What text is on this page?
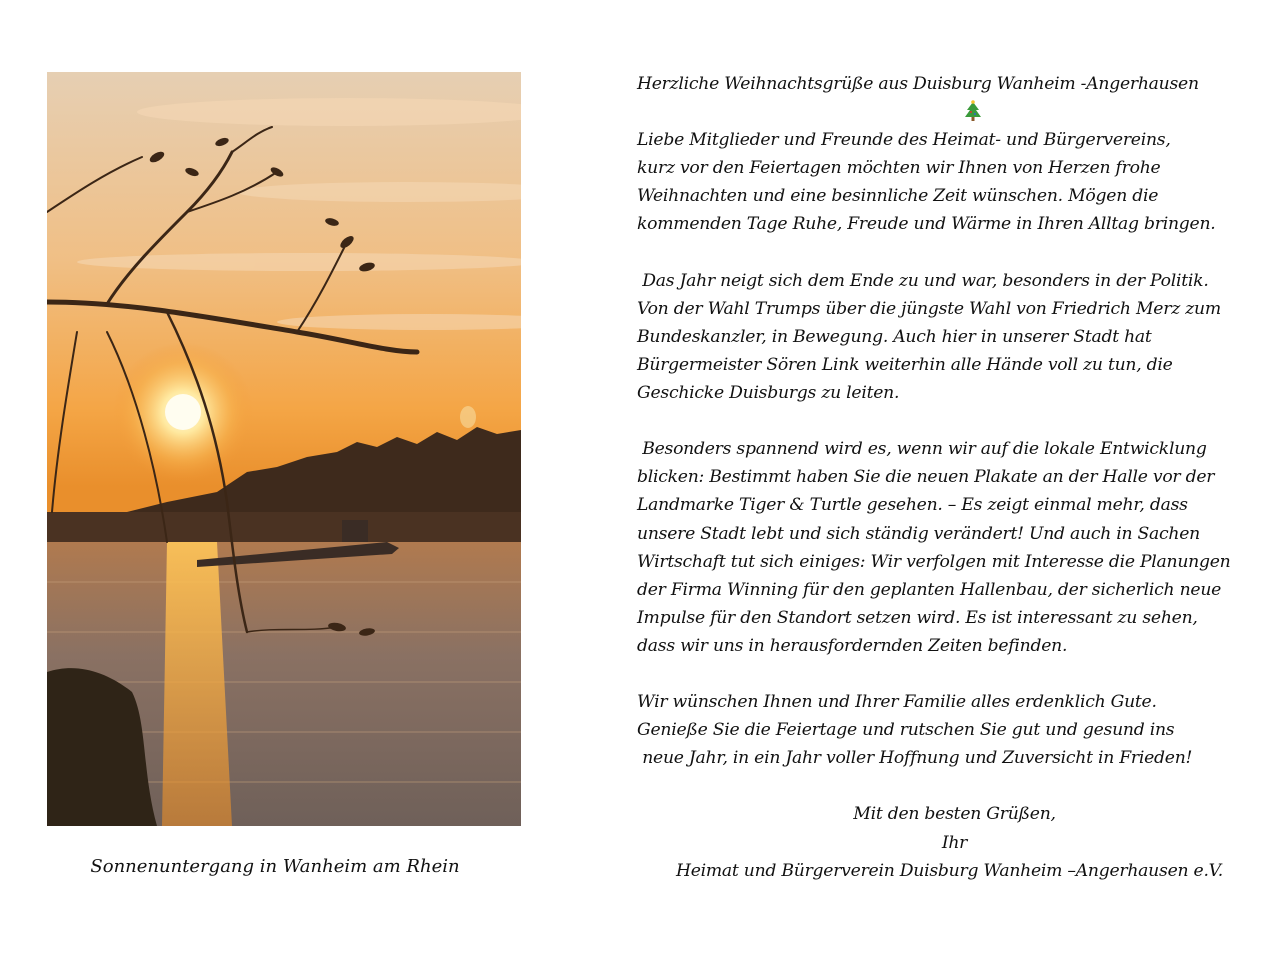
Sonnenuntergang in Wanheim am Rhein
Herzliche Weihnachtsgrüße aus Duisburg Wanheim -Angerhausen
Liebe Mitglieder und Freunde des Heimat- und Bürgervereins,
kurz vor den Feiertagen möchten wir Ihnen von Herzen frohe
Weihnachten und eine besinnliche Zeit wünschen. Mögen die
kommenden Tage Ruhe, Freude und Wärme in Ihren Alltag bringen.
Das Jahr neigt sich dem Ende zu und war, besonders in der Politik.
Von der Wahl Trumps über die jüngste Wahl von Friedrich Merz zum
Bundeskanzler, in Bewegung. Auch hier in unserer Stadt hat
Bürgermeister Sören Link weiterhin alle Hände voll zu tun, die
Geschicke Duisburgs zu leiten.
Besonders spannend wird es, wenn wir auf die lokale Entwicklung
blicken: Bestimmt haben Sie die neuen Plakate an der Halle vor der
Landmarke Tiger & Turtle gesehen. – Es zeigt einmal mehr, dass
unsere Stadt lebt und sich ständig verändert! Und auch in Sachen
Wirtschaft tut sich einiges: Wir verfolgen mit Interesse die Planungen
der Firma Winning für den geplanten Hallenbau, der sicherlich neue
Impulse für den Standort setzen wird. Es ist interessant zu sehen,
dass wir uns in herausfordernden Zeiten befinden.
Wir wünschen Ihnen und Ihrer Familie alles erdenklich Gute.
Genieße Sie die Feiertage und rutschen Sie gut und gesund ins
neue Jahr, in ein Jahr voller Hoffnung und Zuversicht in Frieden!
Mit den besten Grüßen,
Ihr
Heimat und Bürgerverein Duisburg Wanheim –Angerhausen e.V.
